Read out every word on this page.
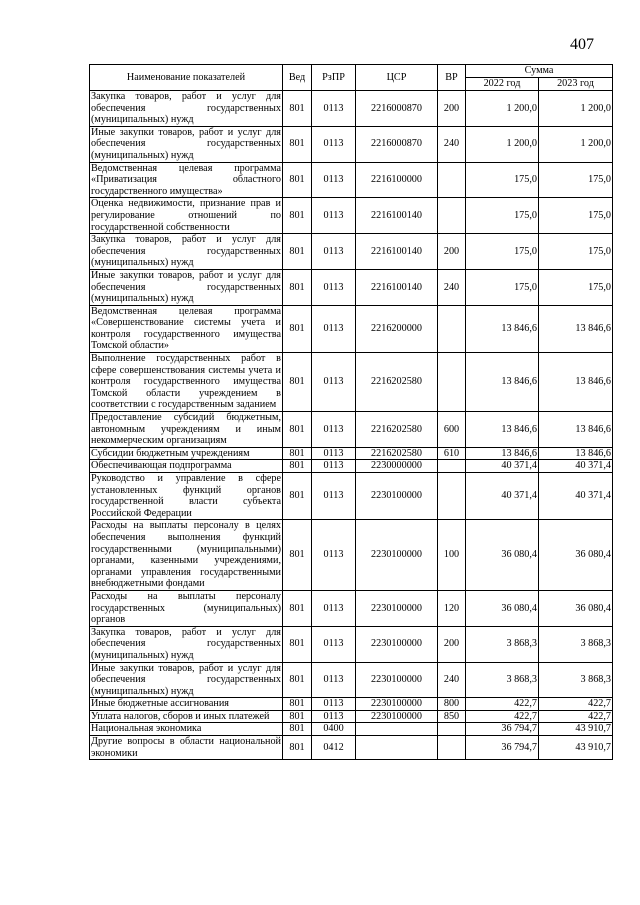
407
Наименование показателей	Вед	РзПР	ЦСР	ВР	Сумма	
					2022 год	2023 год
Закупка товаров, работ и услуг для обеспечения государственных (муниципальных) нужд	801	0113	2216000870	200	1 200,0	1 200,0
Иные закупки товаров, работ и услуг для обеспечения государственных (муниципальных) нужд	801	0113	2216000870	240	1 200,0	1 200,0
Ведомственная целевая программа «Приватизация областного государственного имущества»	801	0113	2216100000		175,0	175,0
Оценка недвижимости, признание прав и регулирование отношений по государственной собственности	801	0113	2216100140		175,0	175,0
Закупка товаров, работ и услуг для обеспечения государственных (муниципальных) нужд	801	0113	2216100140	200	175,0	175,0
Иные закупки товаров, работ и услуг для обеспечения государственных (муниципальных) нужд	801	0113	2216100140	240	175,0	175,0
Ведомственная целевая программа «Совершенствование системы учета и контроля государственного имущества Томской области»	801	0113	2216200000		13 846,6	13 846,6
Выполнение государственных работ в сфере совершенствования системы учета и контроля государственного имущества Томской области учреждением в соответствии с государственным заданием	801	0113	2216202580		13 846,6	13 846,6
Предоставление субсидий бюджетным, автономным учреждениям и иным некоммерческим организациям	801	0113	2216202580	600	13 846,6	13 846,6
Субсидии бюджетным учреждениям	801	0113	2216202580	610	13 846,6	13 846,6
Обеспечивающая подпрограмма	801	0113	2230000000		40 371,4	40 371,4
Руководство и управление в сфере установленных функций органов государственной власти субъекта Российской Федерации	801	0113	2230100000		40 371,4	40 371,4
Расходы на выплаты персоналу в целях обеспечения выполнения функций государственными (муниципальными) органами, казенными учреждениями, органами управления государственными внебюджетными фондами	801	0113	2230100000	100	36 080,4	36 080,4
Расходы на выплаты персоналу государственных (муниципальных) органов	801	0113	2230100000	120	36 080,4	36 080,4
Закупка товаров, работ и услуг для обеспечения государственных (муниципальных) нужд	801	0113	2230100000	200	3 868,3	3 868,3
Иные закупки товаров, работ и услуг для обеспечения государственных (муниципальных) нужд	801	0113	2230100000	240	3 868,3	3 868,3
Иные бюджетные ассигнования	801	0113	2230100000	800	422,7	422,7
Уплата налогов, сборов и иных платежей	801	0113	2230100000	850	422,7	422,7
Национальная экономика	801	0400			36 794,7	43 910,7
Другие вопросы в области национальной экономики	801	0412			36 794,7	43 910,7
